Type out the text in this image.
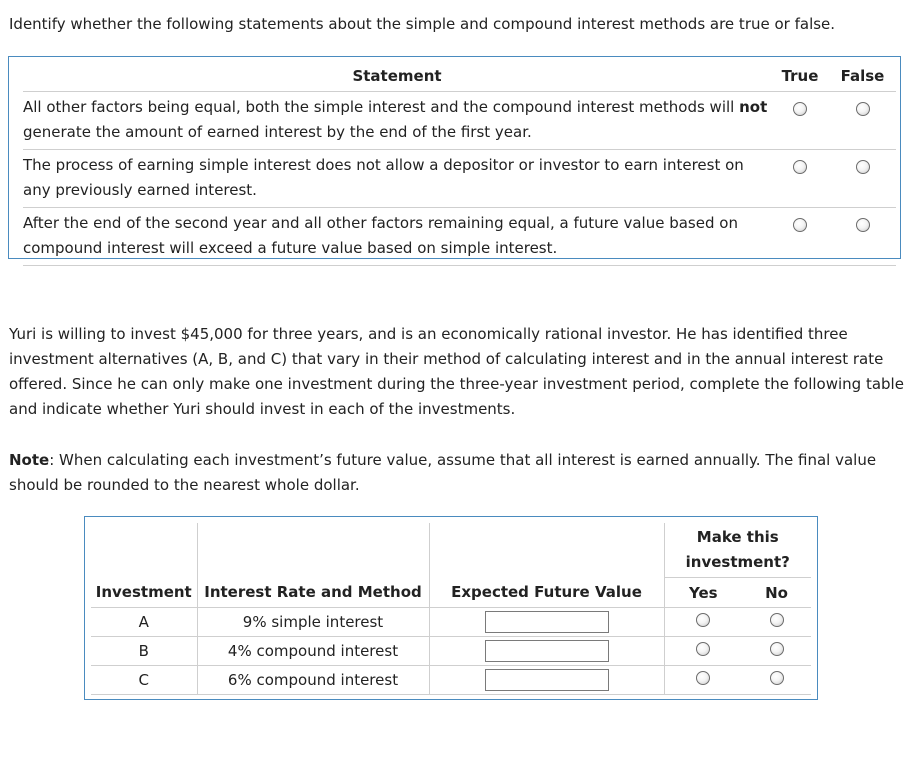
Identify whether the following statements about the simple and compound interest methods are true or false.

Statement	True	False
All other factors being equal, both the simple interest and the compound interest methods will not generate the amount of earned interest by the end of the first year.		
The process of earning simple interest does not allow a depositor or investor to earn interest on any previously earned interest.		
After the end of the second year and all other factors remaining equal, a future value based on compound interest will exceed a future value based on simple interest.		

Yuri is willing to invest $45,000 for three years, and is an economically rational investor. He has identified three investment alternatives (A, B, and C) that vary in their method of calculating interest and in the annual interest rate offered. Since he can only make one investment during the three-year investment period, complete the following table and indicate whether Yuri should invest in each of the investments.

Note: When calculating each investment’s future value, assume that all interest is earned annually. The final value should be rounded to the nearest whole dollar.

			Make this investment?	
Investment	Interest Rate and Method	Expected Future Value	Yes	No
A	9% simple interest			
B	4% compound interest			
C	6% compound interest			
